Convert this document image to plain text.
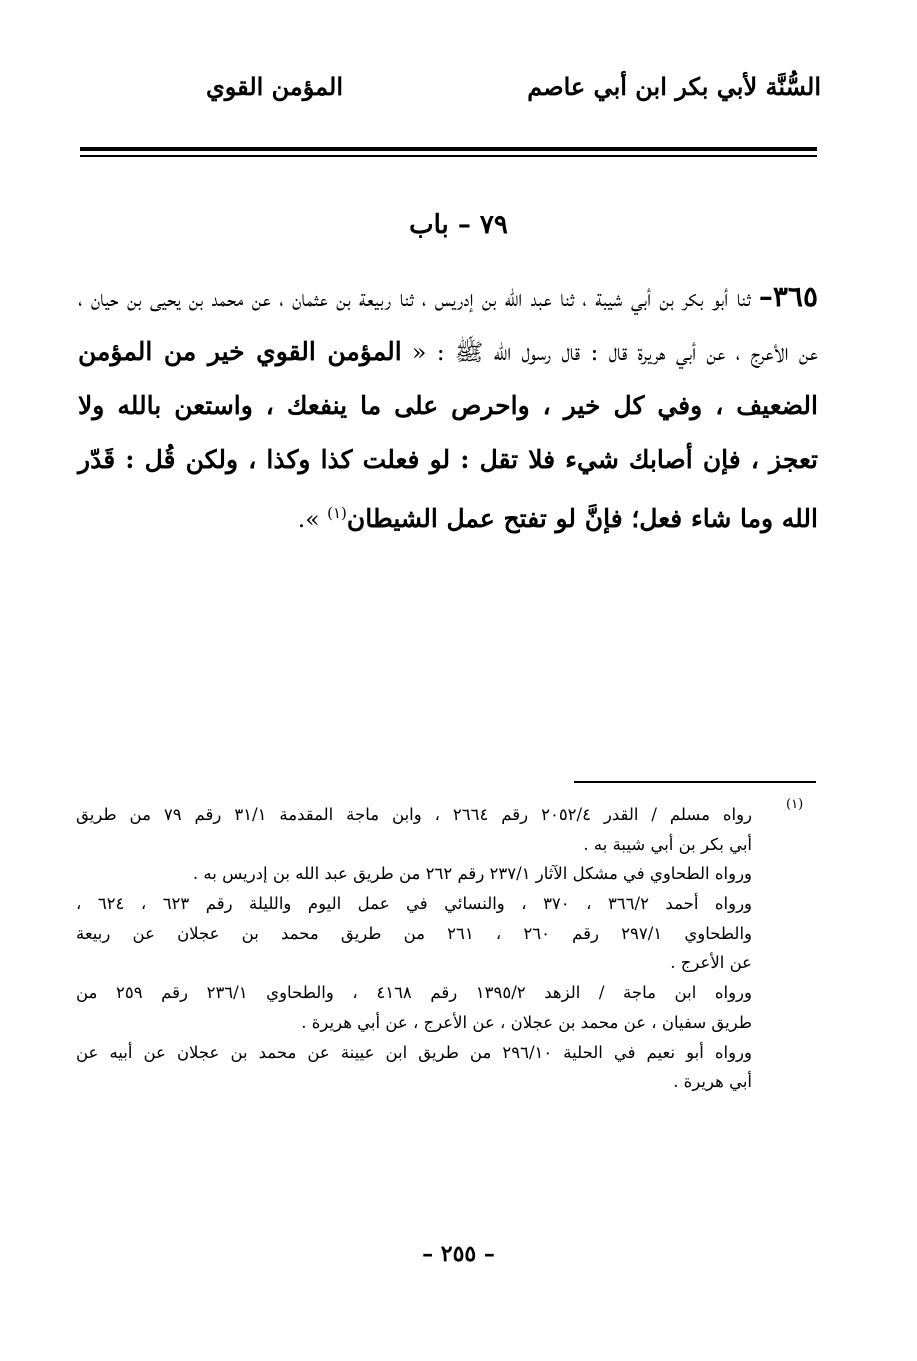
السُّنَّة لأبي بكر ابن أبي عاصم
المؤمن القوي
٧٩ – باب
٣٦٥– ثنا أبو بكر بن أبي شيبة ، ثنا عبد الله بن إدريس ، ثنا ربيعة بن عثمان ، عن محمد بن يحيى بن حيان ، عن الأعرج ، عن أبي هريرة قال : قال رسول الله ﷺ : « المؤمن القوي خير من المؤمن الضعيف ، وفي كل خير ، واحرص على ما ينفعك ، واستعن بالله ولا تعجز ، فإن أصابك شيء فلا تقل : لو فعلت كذا وكذا ، ولكن قُل : قَدّر الله وما شاء فعل؛ فإنَّ لو تفتح عمل الشيطان$^{(١)}$ ».
(١)
رواه مسلم / القدر ٢٠٥٢/٤ رقم ٢٦٦٤ ، وابن ماجة المقدمة ٣١/١ رقم ٧٩ من طريق
أبي بكر بن أبي شيبة به .
ورواه الطحاوي في مشكل الآثار ٢٣٧/١ رقم ٢٦٢ من طريق عبد الله بن إدريس به .
ورواه أحمد ٣٦٦/٢ ، ٣٧٠ ، والنسائي في عمل اليوم والليلة رقم ٦٢٣ ، ٦٢٤ ،
والطحاوي ٢٩٧/١ رقم ٢٦٠ ، ٢٦١ من طريق محمد بن عجلان عن ربيعة
عن الأعرج .
ورواه ابن ماجة / الزهد ١٣٩٥/٢ رقم ٤١٦٨ ، والطحاوي ٢٣٦/١ رقم ٢٥٩ من
طريق سفيان ، عن محمد بن عجلان ، عن الأعرج ، عن أبي هريرة .
ورواه أبو نعيم في الحلية ٢٩٦/١٠ من طريق ابن عيينة عن محمد بن عجلان عن أبيه عن
أبي هريرة .
– ٢٥٥ –
